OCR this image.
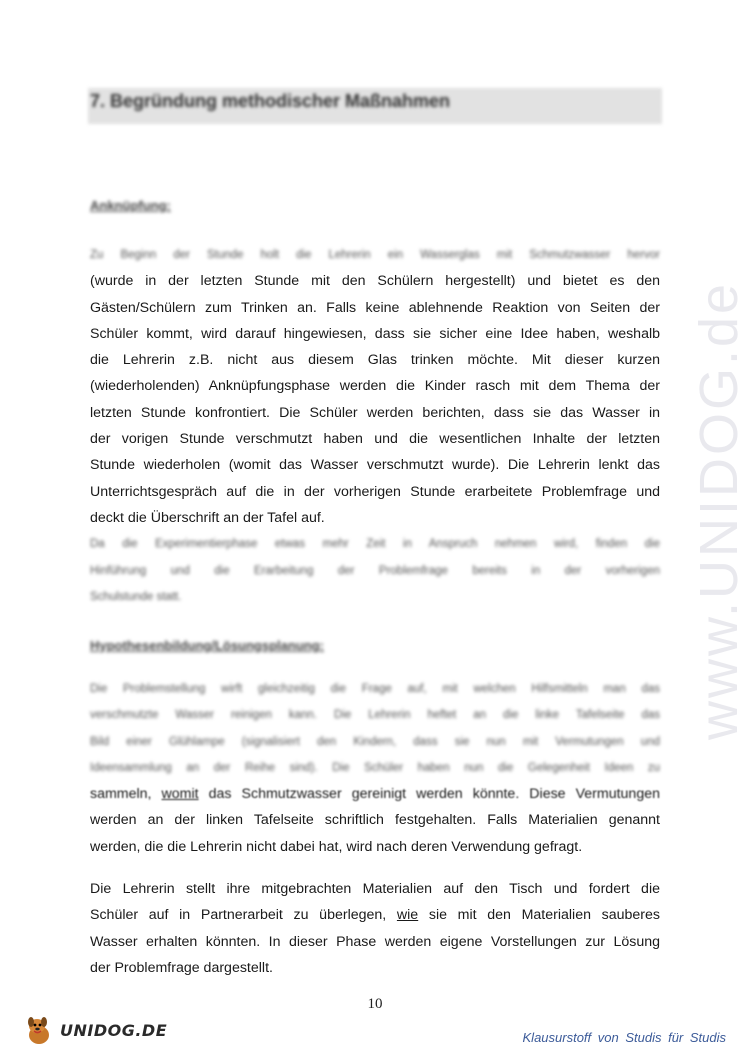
7. Begründung methodischer Maßnahmen
www.UNIDOG.de
Anknüpfung:
Zu Beginn der Stunde holt die Lehrerin ein Wasserglas mit Schmutzwasser hervor
(wurde in der letzten Stunde mit den Schülern hergestellt) und bietet es den
Gästen/Schülern zum Trinken an. Falls keine ablehnende Reaktion von Seiten der
Schüler kommt, wird darauf hingewiesen, dass sie sicher eine Idee haben, weshalb
die Lehrerin z.B. nicht aus diesem Glas trinken möchte. Mit dieser kurzen
(wiederholenden) Anknüpfungsphase werden die Kinder rasch mit dem Thema der
letzten Stunde konfrontiert. Die Schüler werden berichten, dass sie das Wasser in
der vorigen Stunde verschmutzt haben und die wesentlichen Inhalte der letzten
Stunde wiederholen (womit das Wasser verschmutzt wurde). Die Lehrerin lenkt das
Unterrichtsgespräch auf die in der vorherigen Stunde erarbeitete Problemfrage und
deckt die Überschrift an der Tafel auf.
Da die Experimentierphase etwas mehr Zeit in Anspruch nehmen wird, finden die
Hinführung und die Erarbeitung der Problemfrage bereits in der vorherigen
Schulstunde statt.
Hypothesenbildung/Lösungsplanung:
Die Problemstellung wirft gleichzeitig die Frage auf, mit welchen Hilfsmitteln man das
verschmutzte Wasser reinigen kann. Die Lehrerin heftet an die linke Tafelseite das
Bild einer Glühlampe (signalisiert den Kindern, dass sie nun mit Vermutungen und
Ideensammlung an der Reihe sind). Die Schüler haben nun die Gelegenheit Ideen zu
sammeln, womit das Schmutzwasser gereinigt werden könnte. Diese Vermutungen
werden an der linken Tafelseite schriftlich festgehalten. Falls Materialien genannt
werden, die die Lehrerin nicht dabei hat, wird nach deren Verwendung gefragt.
Die Lehrerin stellt ihre mitgebrachten Materialien auf den Tisch und fordert die
Schüler auf in Partnerarbeit zu überlegen, wie sie mit den Materialien sauberes
Wasser erhalten könnten. In dieser Phase werden eigene Vorstellungen zur Lösung
der Problemfrage dargestellt.
10
UNIDOG.DE	Klausurstoff von Studis für Studis
